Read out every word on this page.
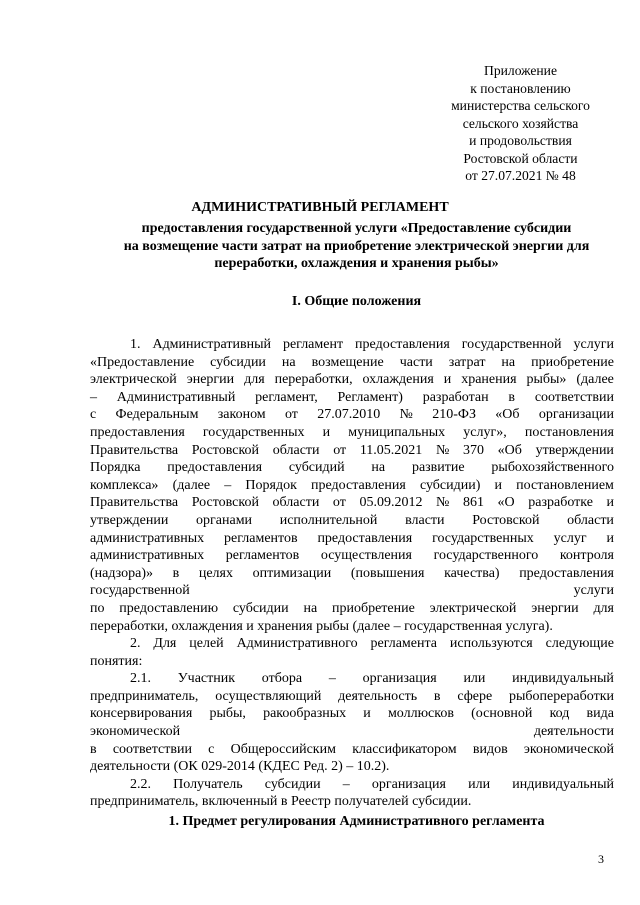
Приложение
к постановлению
министерства сельского
сельского хозяйства
и продовольствия
Ростовской области
от 27.07.2021 № 48
АДМИНИСТРАТИВНЫЙ РЕГЛАМЕНТ
предоставления государственной услуги «Предоставление субсидии
на возмещение части затрат на приобретение электрической энергии для
переработки, охлаждения и хранения рыбы»
I. Общие положения
1. Административный регламент предоставления государственной услуги
«Предоставление субсидии на возмещение части затрат на приобретение
электрической энергии для переработки, охлаждения и хранения рыбы» (далее
– Административный регламент, Регламент) разработан в соответствии
с Федеральным законом от 27.07.2010 № 210-ФЗ «Об организации
предоставления государственных и муниципальных услуг», постановления
Правительства Ростовской области от 11.05.2021 № 370 «Об утверждении
Порядка предоставления субсидий на развитие рыбохозяйственного
комплекса» (далее – Порядок предоставления субсидии) и постановлением
Правительства Ростовской области от 05.09.2012 № 861 «О разработке и
утверждении органами исполнительной власти Ростовской области
административных регламентов предоставления государственных услуг и
административных регламентов осуществления государственного контроля
(надзора)» в целях оптимизации (повышения качества) предоставления
государственной	услуги
по предоставлению субсидии на приобретение электрической энергии для
переработки, охлаждения и хранения рыбы (далее – государственная услуга).
2. Для целей Административного регламента используются следующие
понятия:
2.1. Участник отбора – организация или индивидуальный
предприниматель, осуществляющий деятельность в сфере рыбопереработки
консервирования рыбы, ракообразных и моллюсков (основной код вида
экономической	деятельности
в соответствии с Общероссийским классификатором видов экономической
деятельности (ОК 029-2014 (КДЕС Ред. 2) – 10.2).
2.2. Получатель субсидии – организация или индивидуальный
предприниматель, включенный в Реестр получателей субсидии.
1. Предмет регулирования Административного регламента
3
